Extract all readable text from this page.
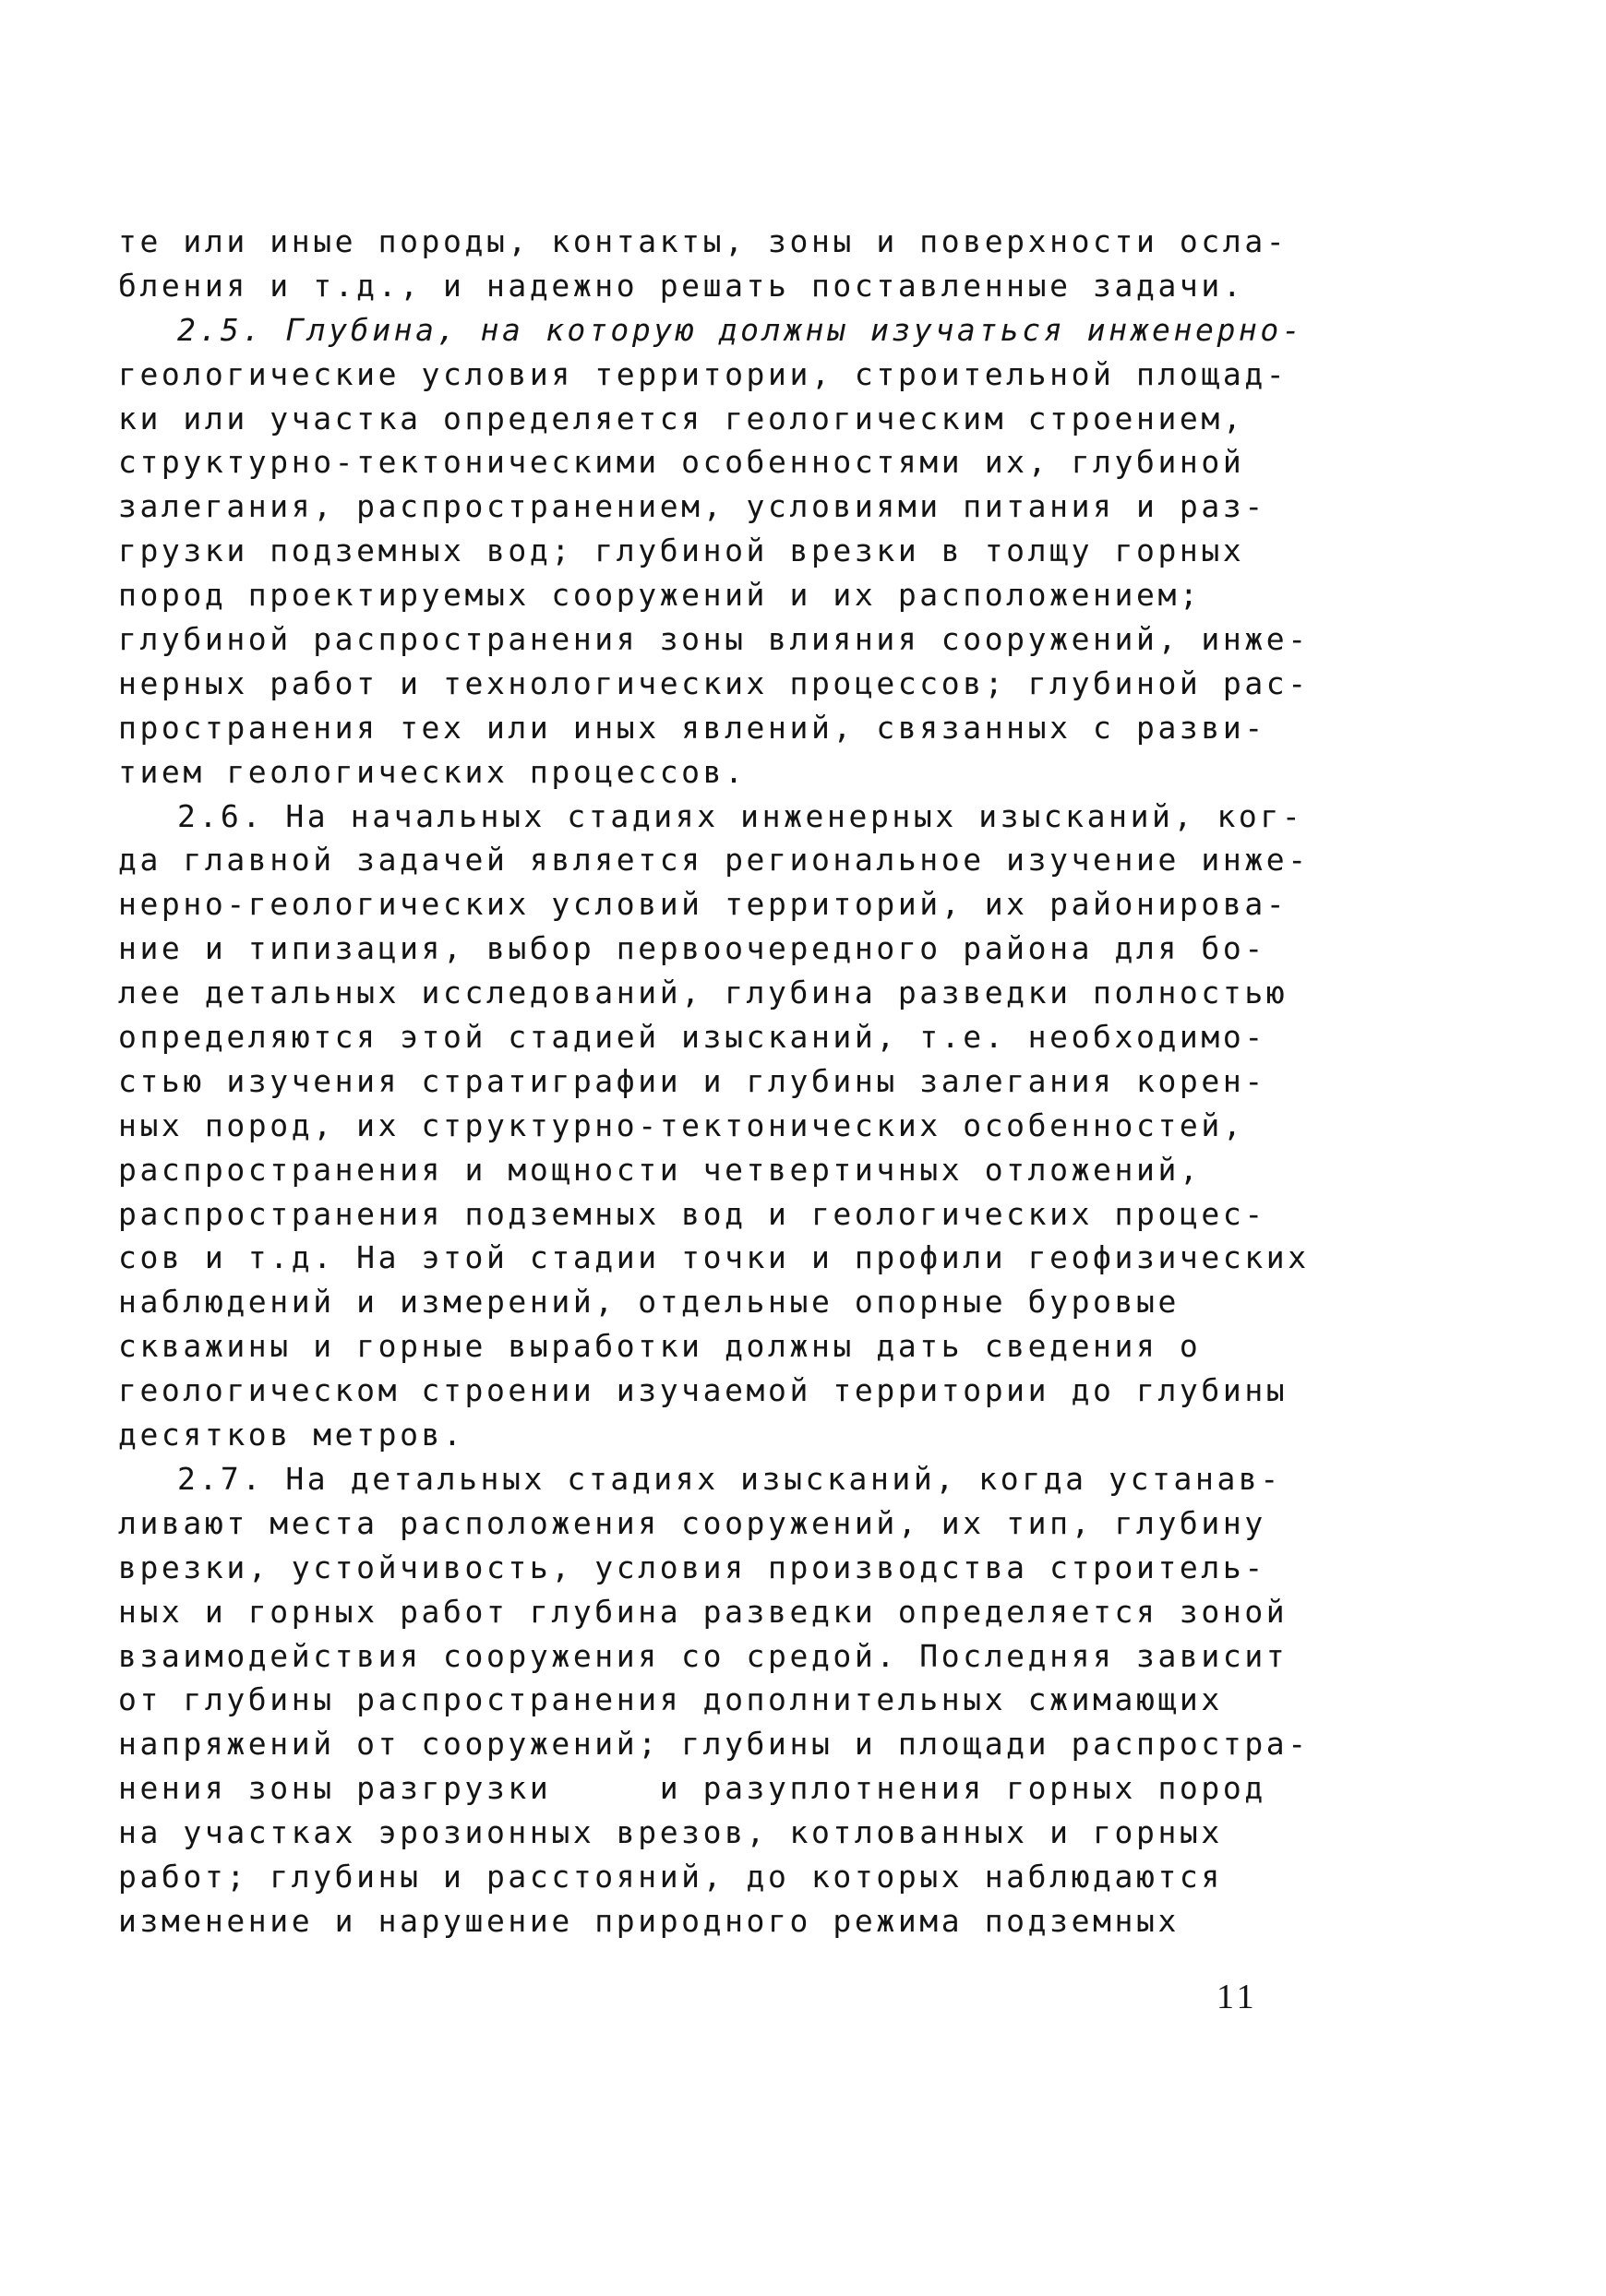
те или иные породы, контакты, зоны и поверхности осла-
бления и т.д., и надежно решать поставленные задачи.
2.5. Глубина, на которую должны изучаться инженерно-
геологические условия территории, строительной площад-
ки или участка определяется геологическим строением,
структурно-тектоническими особенностями их, глубиной
залегания, распространением, условиями питания и раз-
грузки подземных вод; глубиной врезки в толщу горных
пород проектируемых сооружений и их расположением;
глубиной распространения зоны влияния сооружений, инже-
нерных работ и технологических процессов; глубиной рас-
пространения тех или иных явлений, связанных с разви-
тием геологических процессов.
2.6. На начальных стадиях инженерных изысканий, ког-
да главной задачей является региональное изучение инже-
нерно-геологических условий территорий, их районирова-
ние и типизация, выбор первоочередного района для бо-
лее детальных исследований, глубина разведки полностью
определяются этой стадией изысканий, т.е. необходимо-
стью изучения стратиграфии и глубины залегания корен-
ных пород, их структурно-тектонических особенностей,
распространения и мощности четвертичных отложений,
распространения подземных вод и геологических процес-
сов и т.д. На этой стадии точки и профили геофизических
наблюдений и измерений, отдельные опорные буровые
скважины и горные выработки должны дать сведения о
геологическом строении изучаемой территории до глубины
десятков метров.
2.7. На детальных стадиях изысканий, когда устанав-
ливают места расположения сооружений, их тип, глубину
врезки, устойчивость, условия производства строитель-
ных и горных работ глубина разведки определяется зоной
взаимодействия сооружения со средой. Последняя зависит
от глубины распространения дополнительных сжимающих
напряжений от сооружений; глубины и площади распростра-
нения зоны разгрузки     и разуплотнения горных пород
на участках эрозионных врезов, котлованных и горных
работ; глубины и расстояний, до которых наблюдаются
изменение и нарушение природного режима подземных
11
